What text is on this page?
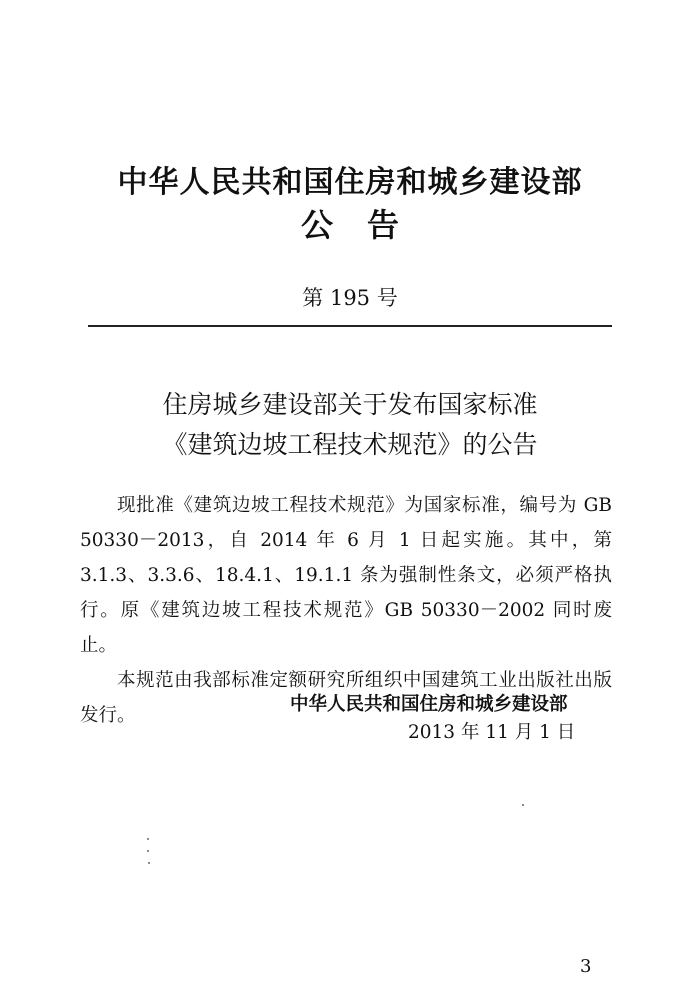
中华人民共和国住房和城乡建设部
公告
第 195 号
住房城乡建设部关于发布国家标准
《建筑边坡工程技术规范》的公告

现批准《建筑边坡工程技术规范》为国家标准，编号为 GB 50330－2013，自 2014 年 6 月 1 日起实施。其中，第 3.1.3、3.3.6、18.4.1、19.1.1 条为强制性条文，必须严格执行。原《建筑边坡工程技术规范》GB 50330－2002 同时废止。

本规范由我部标准定额研究所组织中国建筑工业出版社出版发行。

中华人民共和国住房和城乡建设部
2013 年 11 月 1 日
3
